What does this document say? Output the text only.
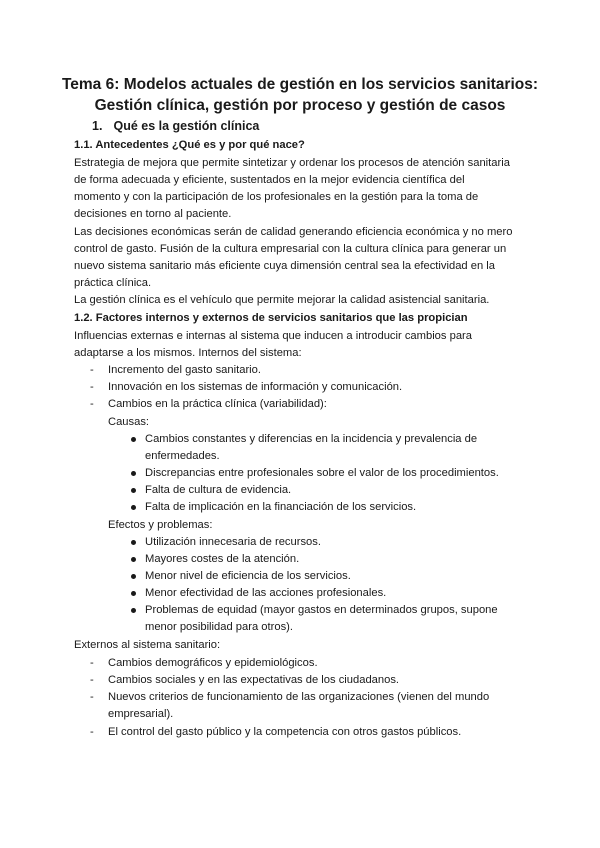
Tema 6: Modelos actuales de gestión en los servicios sanitarios:
Gestión clínica, gestión por proceso y gestión de casos
1. Qué es la gestión clínica
1.1. Antecedentes ¿Qué es y por qué nace?
Estrategia de mejora que permite sintetizar y ordenar los procesos de atención sanitaria
de forma adecuada y eficiente, sustentados en la mejor evidencia científica del
momento y con la participación de los profesionales en la gestión para la toma de
decisiones en torno al paciente.
Las decisiones económicas serán de calidad generando eficiencia económica y no mero
control de gasto. Fusión de la cultura empresarial con la cultura clínica para generar un
nuevo sistema sanitario más eficiente cuya dimensión central sea la efectividad en la
práctica clínica.
La gestión clínica es el vehículo que permite mejorar la calidad asistencial sanitaria.
1.2. Factores internos y externos de servicios sanitarios que las propician
Influencias externas e internas al sistema que inducen a introducir cambios para
adaptarse a los mismos. Internos del sistema:
- Incremento del gasto sanitario.
- Innovación en los sistemas de información y comunicación.
- Cambios en la práctica clínica (variabilidad):
Causas:
Cambios constantes y diferencias en la incidencia y prevalencia de
enfermedades.
Discrepancias entre profesionales sobre el valor de los procedimientos.
Falta de cultura de evidencia.
Falta de implicación en la financiación de los servicios.
Efectos y problemas:
Utilización innecesaria de recursos.
Mayores costes de la atención.
Menor nivel de eficiencia de los servicios.
Menor efectividad de las acciones profesionales.
Problemas de equidad (mayor gastos en determinados grupos, supone
menor posibilidad para otros).
Externos al sistema sanitario:
- Cambios demográficos y epidemiológicos.
- Cambios sociales y en las expectativas de los ciudadanos.
- Nuevos criterios de funcionamiento de las organizaciones (vienen del mundo
empresarial).
- El control del gasto público y la competencia con otros gastos públicos.
